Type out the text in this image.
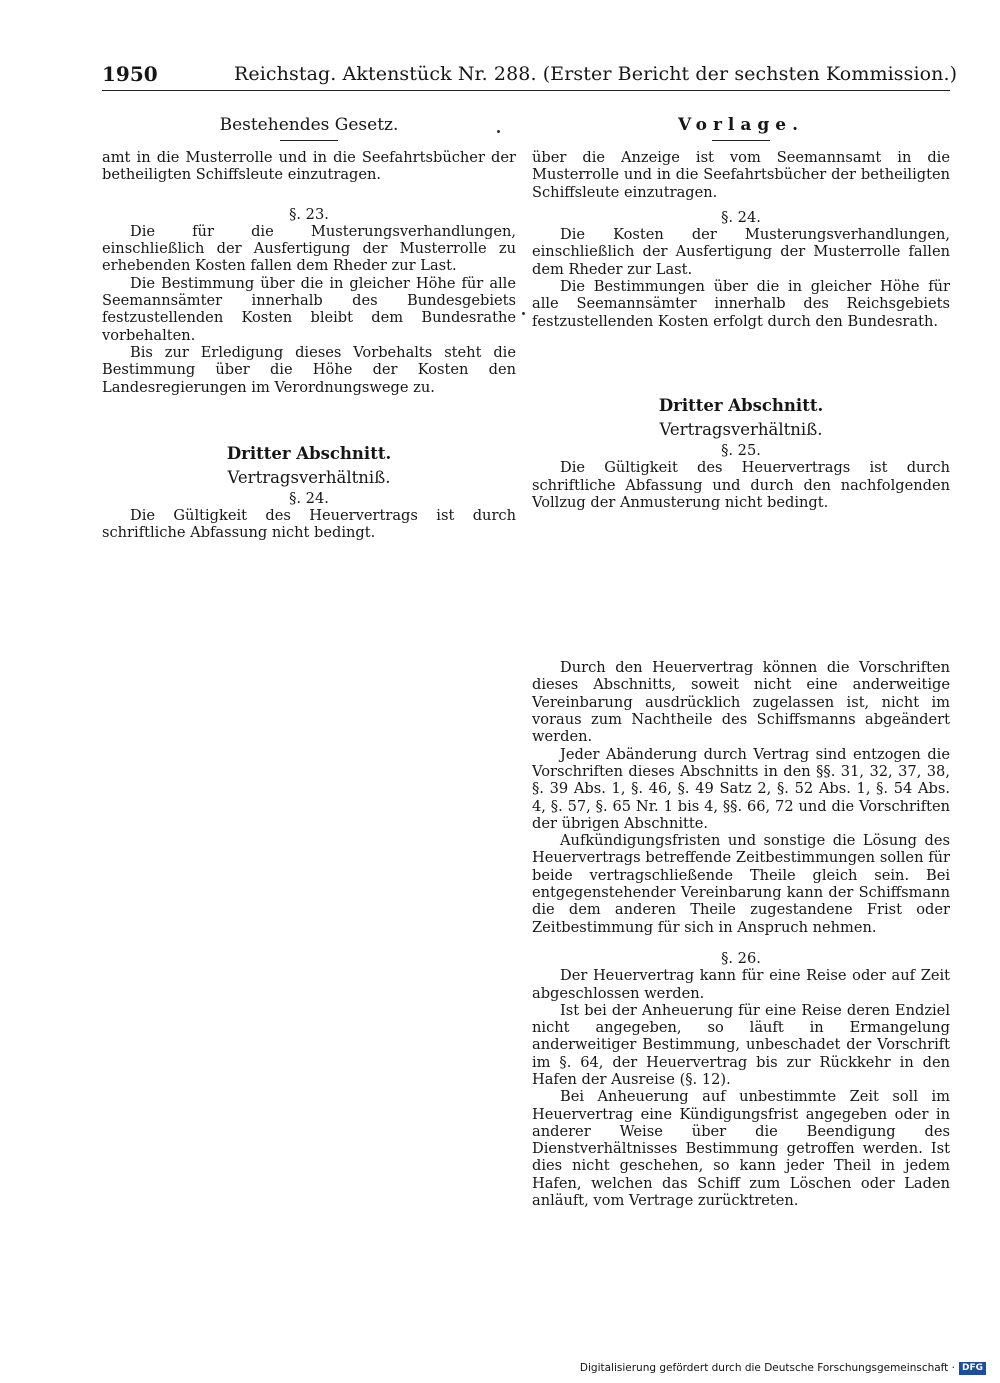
1950	Reichstag. Aktenstück Nr. 288. (Erster Bericht der sechsten Kommission.)
Bestehendes Gesetz.

amt in die Musterrolle und in die Seefahrtsbücher der betheiligten Schiffsleute einzutragen.

§. 23.

Die für die Musterungsverhandlungen, einschließlich der Ausfertigung der Musterrolle zu erhebenden Kosten fallen dem Rheder zur Last.

Die Bestimmung über die in gleicher Höhe für alle Seemannsämter innerhalb des Bundesgebiets festzustellenden Kosten bleibt dem Bundesrathe vorbehalten.

Bis zur Erledigung dieses Vorbehalts steht die Bestimmung über die Höhe der Kosten den Landesregierungen im Verordnungswege zu.

Dritter Abschnitt.
Vertragsverhältniß.

§. 24.

Die Gültigkeit des Heuervertrags ist durch schriftliche Abfassung nicht bedingt.

Vorlage.

über die Anzeige ist vom Seemannsamt in die Musterrolle und in die Seefahrtsbücher der betheiligten Schiffsleute einzutragen.

§. 24.

Die Kosten der Musterungsverhandlungen, einschließlich der Ausfertigung der Musterrolle fallen dem Rheder zur Last.

Die Bestimmungen über die in gleicher Höhe für alle Seemannsämter innerhalb des Reichsgebiets festzustellenden Kosten erfolgt durch den Bundesrath.

Dritter Abschnitt.
Vertragsverhältniß.

§. 25.

Die Gültigkeit des Heuervertrags ist durch schriftliche Abfassung und durch den nachfolgenden Vollzug der Anmusterung nicht bedingt.

Durch den Heuervertrag können die Vorschriften dieses Abschnitts, soweit nicht eine anderweitige Vereinbarung ausdrücklich zugelassen ist, nicht im voraus zum Nachtheile des Schiffsmanns abgeändert werden.

Jeder Abänderung durch Vertrag sind entzogen die Vorschriften dieses Abschnitts in den §§. 31, 32, 37, 38, §. 39 Abs. 1, §. 46, §. 49 Satz 2, §. 52 Abs. 1, §. 54 Abs. 4, §. 57, §. 65 Nr. 1 bis 4, §§. 66, 72 und die Vorschriften der übrigen Abschnitte.

Aufkündigungsfristen und sonstige die Lösung des Heuervertrags betreffende Zeitbestimmungen sollen für beide vertragschließende Theile gleich sein. Bei entgegenstehender Vereinbarung kann der Schiffsmann die dem anderen Theile zugestandene Frist oder Zeitbestimmung für sich in Anspruch nehmen.

§. 26.

Der Heuervertrag kann für eine Reise oder auf Zeit abgeschlossen werden.

Ist bei der Anheuerung für eine Reise deren Endziel nicht angegeben, so läuft in Ermangelung anderweitiger Bestimmung, unbeschadet der Vorschrift im §. 64, der Heuervertrag bis zur Rückkehr in den Hafen der Ausreise (§. 12).

Bei Anheuerung auf unbestimmte Zeit soll im Heuervertrag eine Kündigungsfrist angegeben oder in anderer Weise über die Beendigung des Dienstverhältnisses Bestimmung getroffen werden. Ist dies nicht geschehen, so kann jeder Theil in jedem Hafen, welchen das Schiff zum Löschen oder Laden anläuft, vom Vertrage zurücktreten.

Digitalisierung gefördert durch die Deutsche Forschungsgemeinschaft · DFG
